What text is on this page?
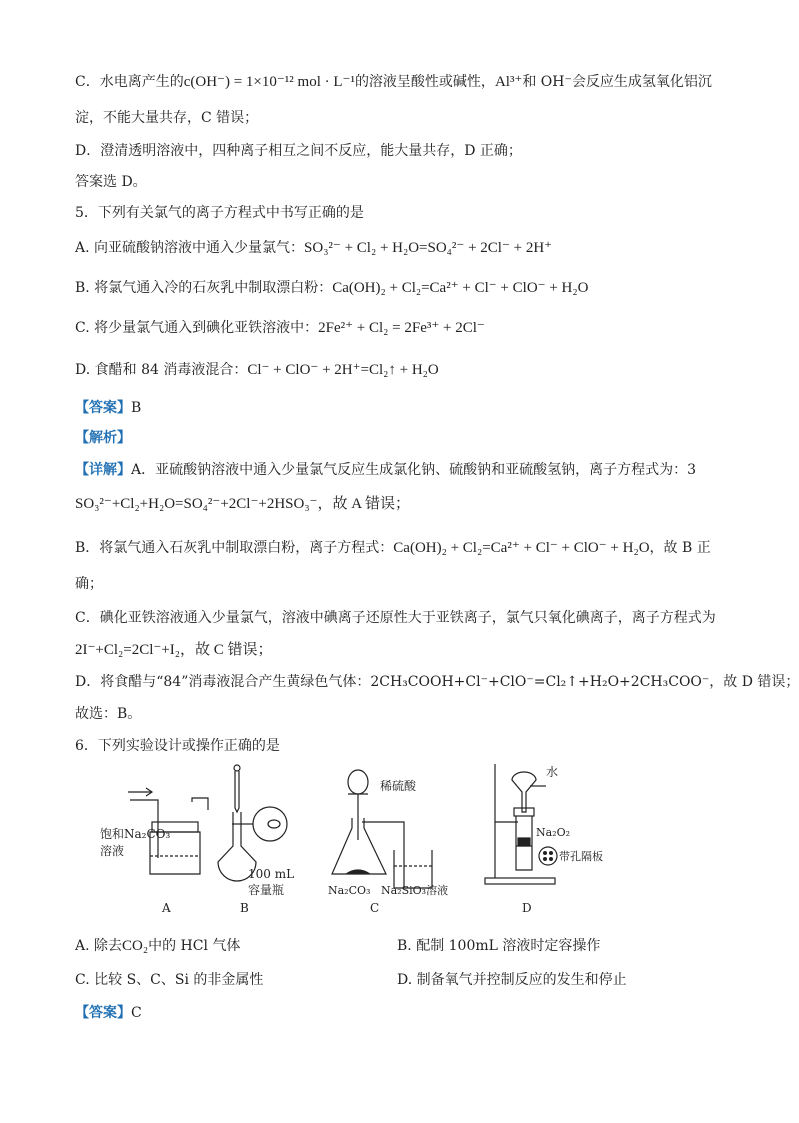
C．水电离产生的c(OH⁻) = 1×10⁻¹² mol · L⁻¹的溶液呈酸性或碱性，Al³⁺和 OH⁻会反应生成氢氧化铝沉
淀，不能大量共存，C 错误；
D．澄清透明溶液中，四种离子相互之间不反应，能大量共存，D 正确；
答案选 D。
5．下列有关氯气的离子方程式中书写正确的是
A. 向亚硫酸钠溶液中通入少量氯气：SO₃²⁻ + Cl₂ + H₂O=SO₄²⁻ + 2Cl⁻ + 2H⁺
B. 将氯气通入冷的石灰乳中制取漂白粉：Ca(OH)₂ + Cl₂=Ca²⁺ + Cl⁻ + ClO⁻ + H₂O
C. 将少量氯气通入到碘化亚铁溶液中：2Fe²⁺ + Cl₂ = 2Fe³⁺ + 2Cl⁻
D. 食醋和 84 消毒液混合：Cl⁻ + ClO⁻ + 2H⁺=Cl₂↑ + H₂O
【答案】B
【解析】
【详解】A．亚硫酸钠溶液中通入少量氯气反应生成氯化钠、硫酸钠和亚硫酸氢钠，离子方程式为：3
SO₃²⁻+Cl₂+H₂O=SO₄²⁻+2Cl⁻+2HSO₃⁻，故 A 错误；
B．将氯气通入石灰乳中制取漂白粉，离子方程式：Ca(OH)₂ + Cl₂=Ca²⁺ + Cl⁻ + ClO⁻ + H₂O，故 B 正
确；
C．碘化亚铁溶液通入少量氯气，溶液中碘离子还原性大于亚铁离子，氯气只氧化碘离子，离子方程式为
2I⁻+Cl₂=2Cl⁻+I₂，故 C 错误；
D．将食醋与“84”消毒液混合产生黄绿色气体：2CH₃COOH+Cl⁻+ClO⁻=Cl₂↑+H₂O+2CH₃COO⁻，故 D 错误；
故选：B。
6．下列实验设计或操作正确的是
饱和Na₂CO₃
溶液
A
100 mL
容量瓶
B
稀硫酸
Na₂CO₃ Na₂SiO₃溶液
C
水
Na₂O₂
带孔隔板
D
A. 除去CO₂中的 HCl 气体	B. 配制 100mL 溶液时定容操作
C. 比较 S、C、Si 的非金属性	D. 制备氧气并控制反应的发生和停止
【答案】C
